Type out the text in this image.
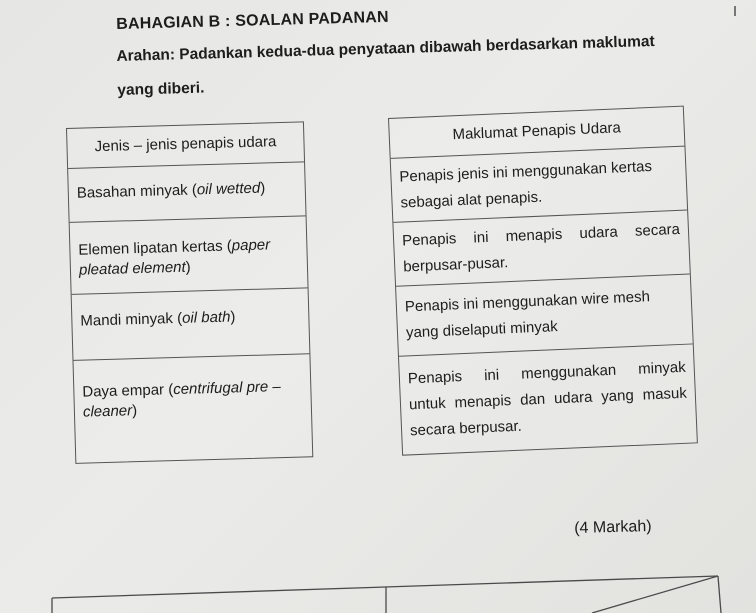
BAHAGIAN B : SOALAN PADANAN
Arahan: Padankan kedua-dua penyataan dibawah berdasarkan maklumat
yang diberi.
Jenis – jenis penapis udara
Basahan minyak (oil wetted)
Elemen lipatan kertas (paper pleatad element)
Mandi minyak (oil bath)
Daya empar (centrifugal pre – cleaner)
Maklumat Penapis Udara
Penapis jenis ini menggunakan kertas
sebagai alat penapis.
Penapis ini menapis udara secara
berpusar-pusar.
Penapis ini menggunakan wire mesh
yang diselaputi minyak
Penapis ini menggunakan minyak
untuk menapis dan udara yang masuk
secara berpusar.
(4 Markah)
